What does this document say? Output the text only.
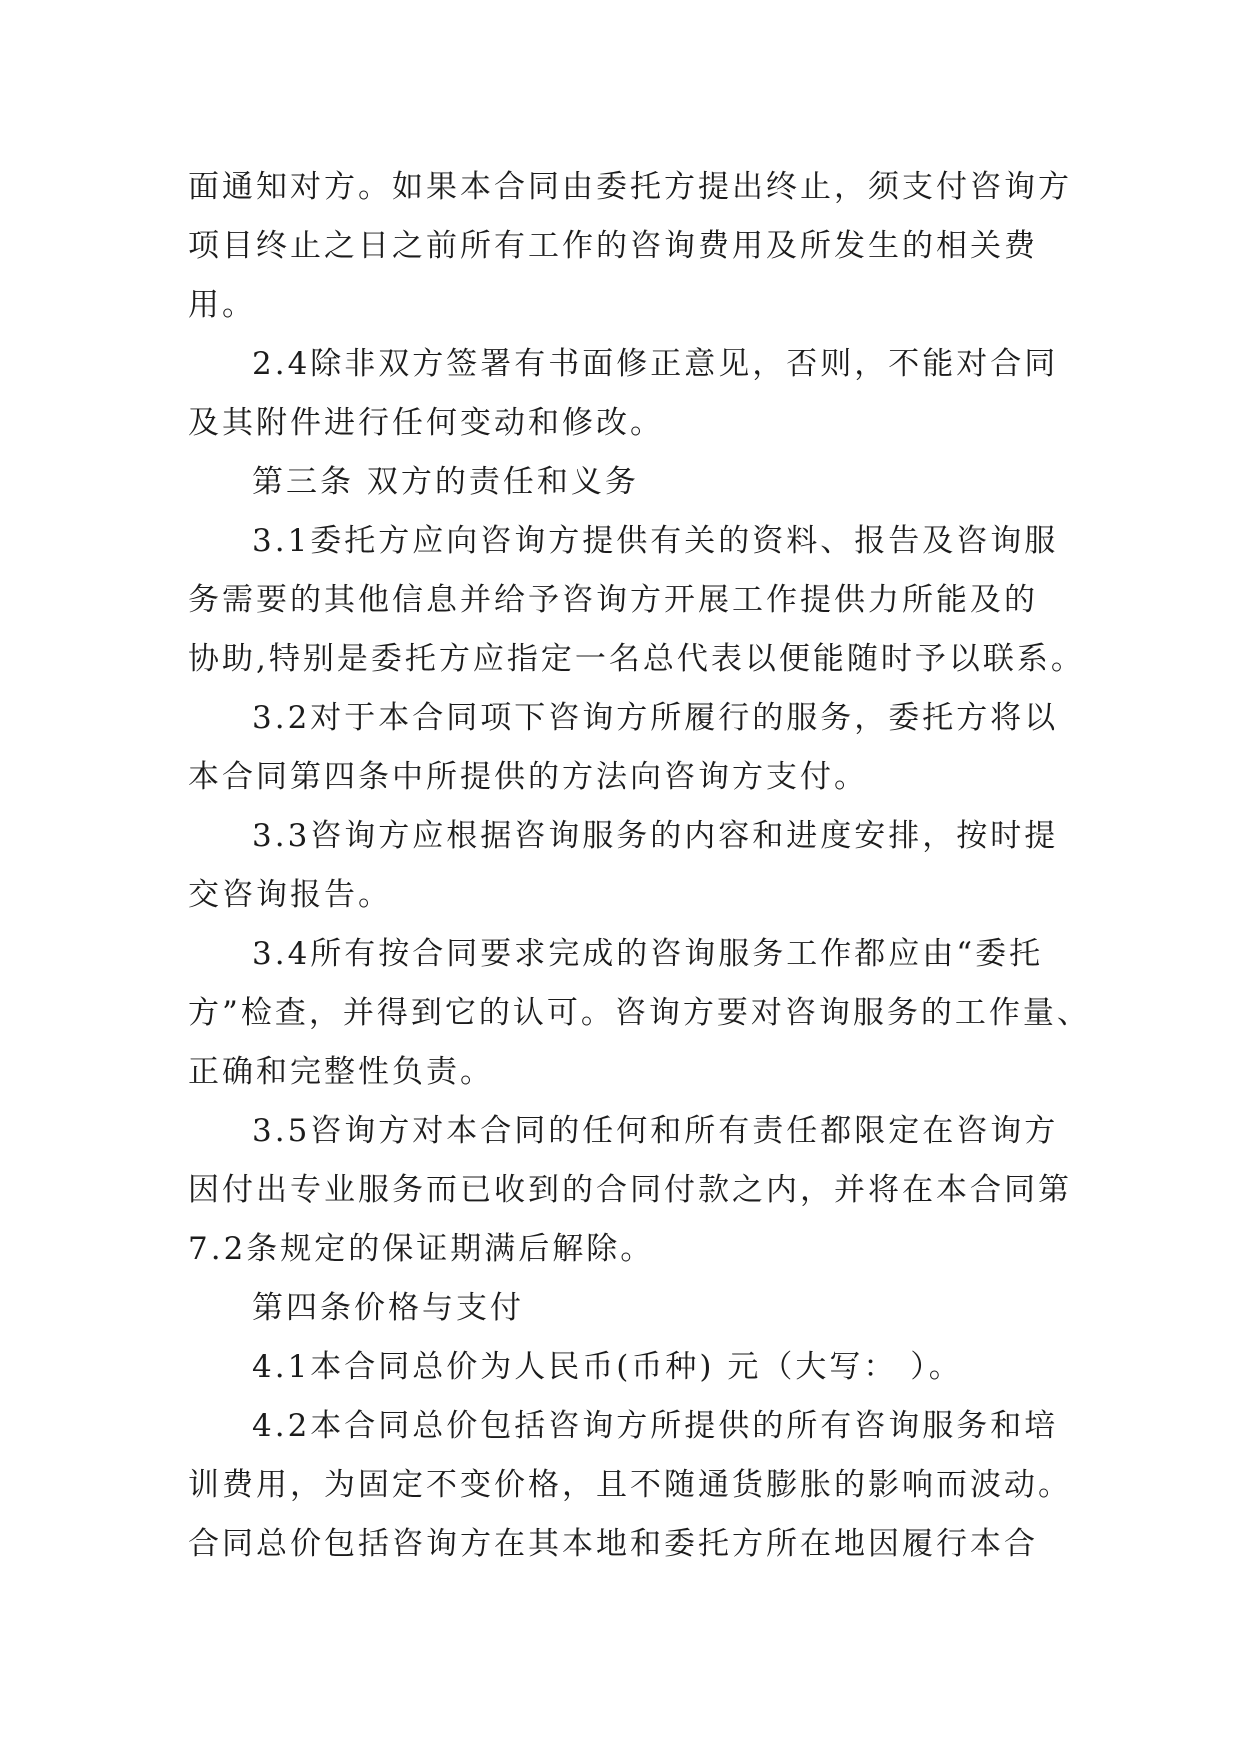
面通知对方。如果本合同由委托方提出终止，须支付咨询方
项目终止之日之前所有工作的咨询费用及所发生的相关费
用。

2.4除非双方签署有书面修正意见，否则，不能对合同
及其附件进行任何变动和修改。

第三条 双方的责任和义务

3.1委托方应向咨询方提供有关的资料、报告及咨询服
务需要的其他信息并给予咨询方开展工作提供力所能及的
协助,特别是委托方应指定一名总代表以便能随时予以联系。

3.2对于本合同项下咨询方所履行的服务，委托方将以
本合同第四条中所提供的方法向咨询方支付。

3.3咨询方应根据咨询服务的内容和进度安排，按时提
交咨询报告。

3.4所有按合同要求完成的咨询服务工作都应由“委托
方”检查，并得到它的认可。咨询方要对咨询服务的工作量、
正确和完整性负责。

3.5咨询方对本合同的任何和所有责任都限定在咨询方
因付出专业服务而已收到的合同付款之内，并将在本合同第
7.2条规定的保证期满后解除。

第四条价格与支付

4.1本合同总价为人民币(币种) 元（大写： ）。

4.2本合同总价包括咨询方所提供的所有咨询服务和培
训费用，为固定不变价格，且不随通货膨胀的影响而波动。
合同总价包括咨询方在其本地和委托方所在地因履行本合
